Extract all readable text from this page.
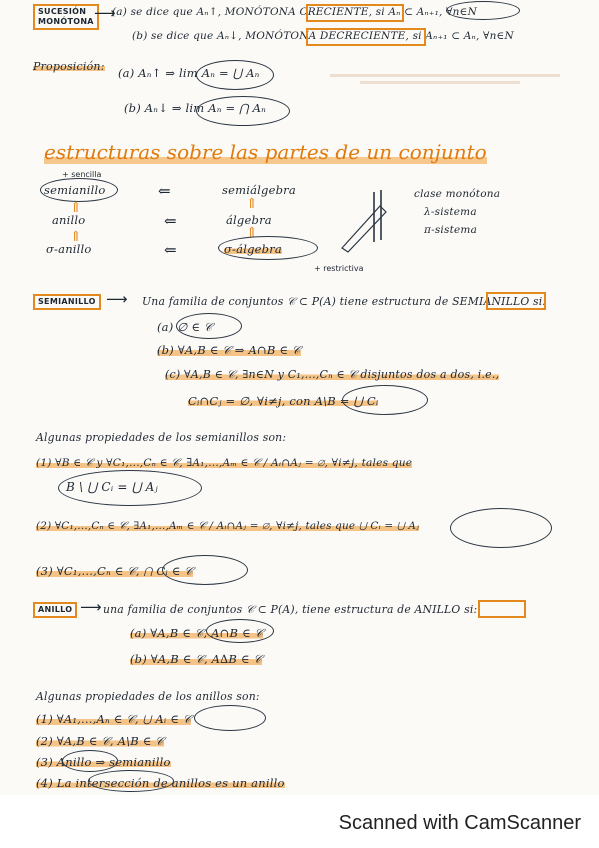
SUCESIÓN
MONÓTONA
(a) se dice que Aₙ↑, MONÓTONA CRECIENTE, si Aₙ ⊂ Aₙ₊₁, ∀n∈N
(b) se dice que Aₙ↓, MONÓTONA DECRECIENTE, si Aₙ₊₁ ⊂ Aₙ, ∀n∈N
⟶
Proposición: (a) Aₙ↑ ⇒ lim Aₙ = ⋃ Aₙ
(b) Aₙ↓ ⇒ lim Aₙ = ⋂ Aₙ
estructuras sobre las partes de un conjunto
+ sencilla
semianillo	⇐	semiálgebra
⇑	⇑
anillo	⇐	álgebra
⇑	⇑
σ-anillo	⇐	σ-álgebra
+ restrictiva
clase monótona
λ-sistema
π-sistema
SEMIANILLO ⟶ Una familia de conjuntos 𝒞 ⊂ P(A) tiene estructura de SEMIANILLO si:
(a) ∅ ∈ 𝒞
(b) ∀A,B ∈ 𝒞 ⇒ A∩B ∈ 𝒞
(c) ∀A,B ∈ 𝒞, ∃n∈N y C₁,...,Cₙ ∈ 𝒞 disjuntos dos a dos, i.e.,
Cᵢ∩Cⱼ = ∅, ∀i≠j, con A\B = ⋃ Cᵢ
Algunas propiedades de los semianillos son:
(1) ∀B ∈ 𝒞 y ∀C₁,...,Cₙ ∈ 𝒞, ∃A₁,...,Aₘ ∈ 𝒞 / Aᵢ∩Aⱼ = ∅, ∀i≠j, tales que
B \ ⋃ Cᵢ = ⋃ Aⱼ
(2) ∀C₁,...,Cₙ ∈ 𝒞, ∃A₁,...,Aₘ ∈ 𝒞 / Aᵢ∩Aⱼ = ∅, ∀i≠j, tales que ⋃ Cᵢ = ⋃ Aⱼ
(3) ∀C₁,...,Cₙ ∈ 𝒞, ⋂ Cᵢ ∈ 𝒞
ANILLO ⟶ una familia de conjuntos 𝒞 ⊂ P(A), tiene estructura de ANILLO si:
(a) ∀A,B ∈ 𝒞, A∩B ∈ 𝒞
(b) ∀A,B ∈ 𝒞, A∆B ∈ 𝒞
Algunas propiedades de los anillos son:
(1) ∀A₁,...,Aₙ ∈ 𝒞, ⋃ Aᵢ ∈ 𝒞
(2) ∀A,B ∈ 𝒞, A\B ∈ 𝒞
(3) Anillo ⇒ semianillo
(4) La intersección de anillos es un anillo
Scanned with CamScanner
